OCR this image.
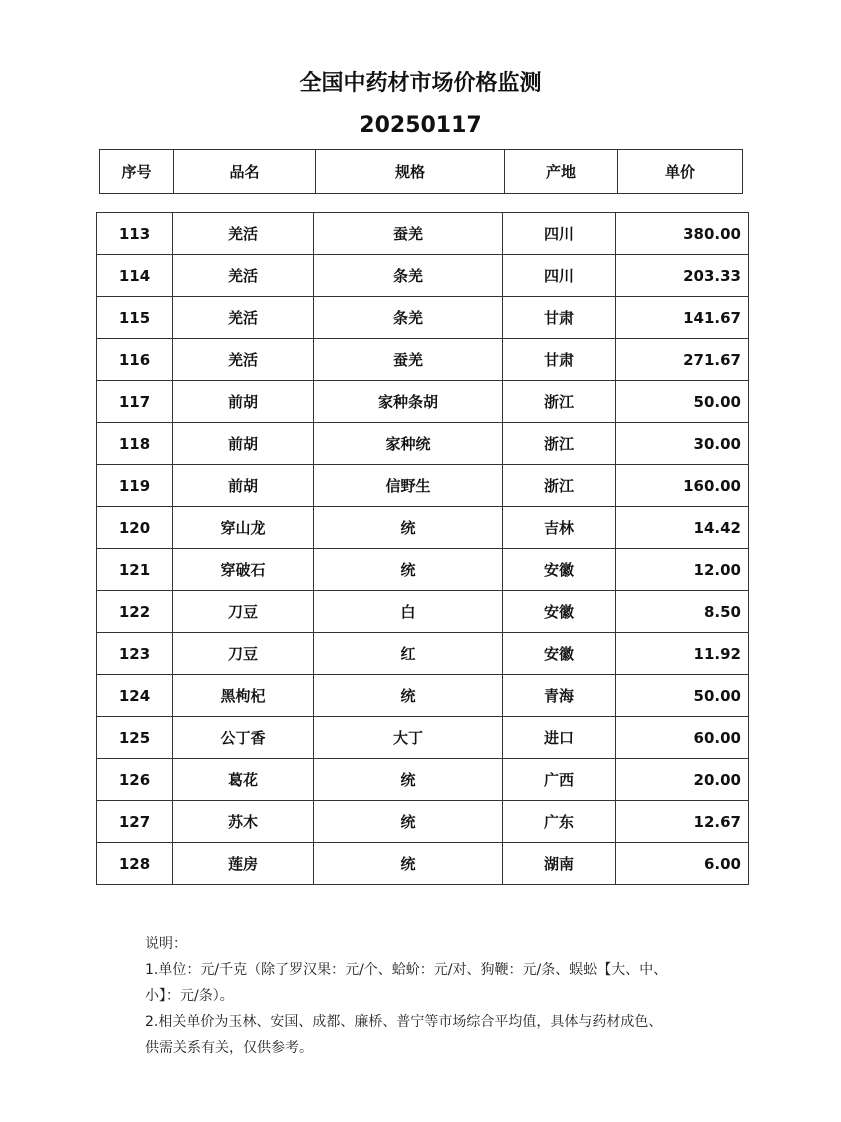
全国中药材市场价格监测
20250117
序号	品名	规格	产地	单价
113	羌活	蚕羌	四川	380.00
114	羌活	条羌	四川	203.33
115	羌活	条羌	甘肃	141.67
116	羌活	蚕羌	甘肃	271.67
117	前胡	家种条胡	浙江	50.00
118	前胡	家种统	浙江	30.00
119	前胡	信野生	浙江	160.00
120	穿山龙	统	吉林	14.42
121	穿破石	统	安徽	12.00
122	刀豆	白	安徽	8.50
123	刀豆	红	安徽	11.92
124	黑枸杞	统	青海	50.00
125	公丁香	大丁	进口	60.00
126	葛花	统	广西	20.00
127	苏木	统	广东	12.67
128	莲房	统	湖南	6.00
说明：
1.单位：元/千克（除了罗汉果：元/个、蛤蚧：元/对、狗鞭：元/条、蜈蚣【大、中、
小】：元/条）。
2.相关单价为玉林、安国、成都、廉桥、普宁等市场综合平均值，具体与药材成色、
供需关系有关，仅供参考。
